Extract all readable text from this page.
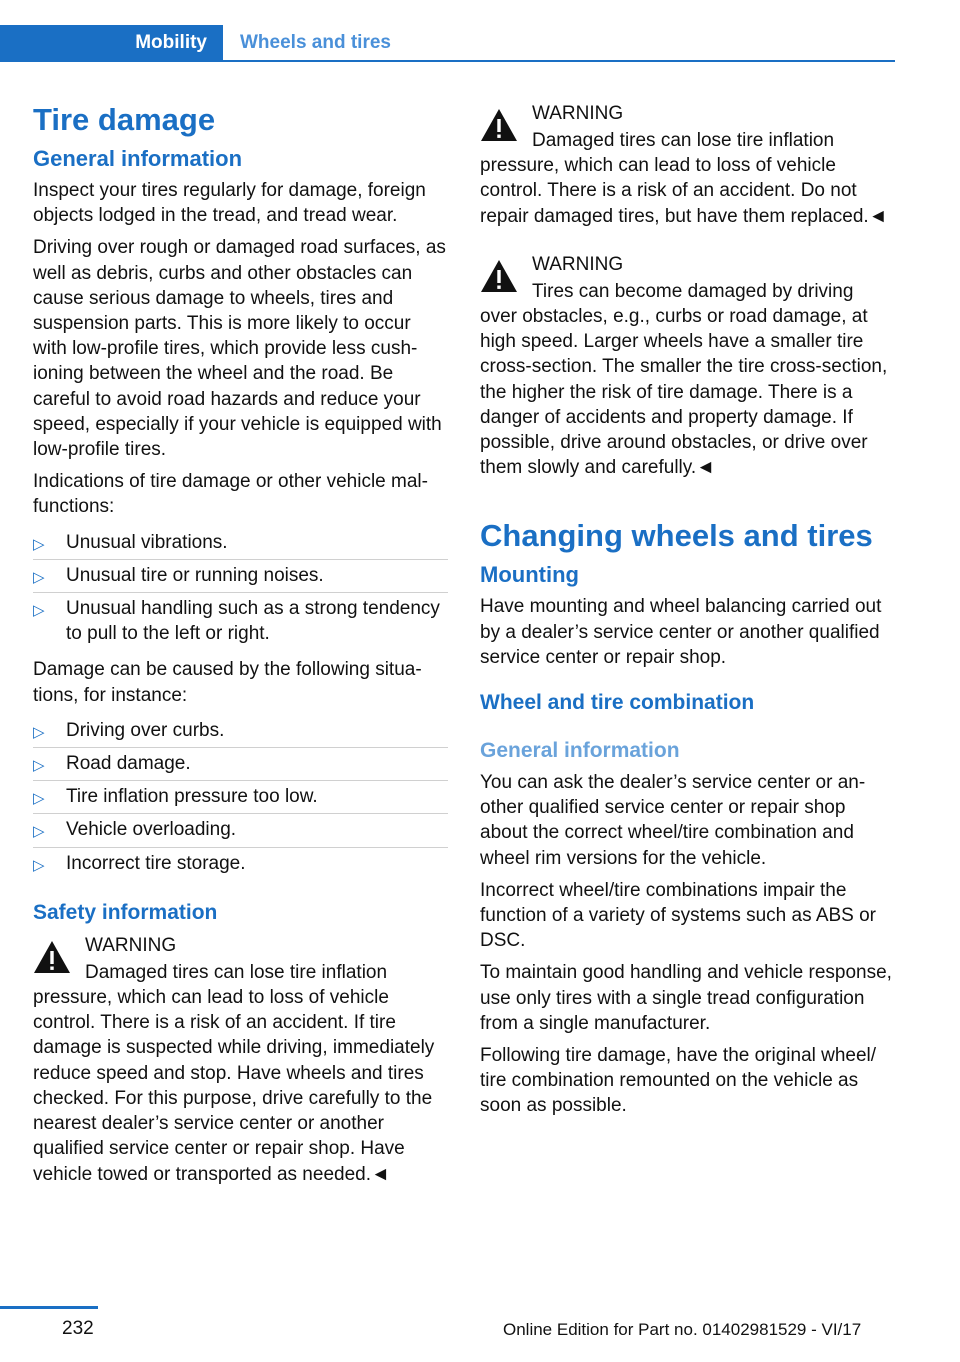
Mobility Wheels and tires
Tire damage
General information

Inspect your tires regularly for damage, foreign objects lodged in the tread, and tread wear.

Driving over rough or damaged road surfaces, as well as debris, curbs and other obstacles can cause serious damage to wheels, tires and suspension parts. This is more likely to occur with low-profile tires, which provide less cushioning between the wheel and the road. Be careful to avoid road hazards and reduce your speed, especially if your vehicle is equipped with low-profile tires.

Indications of tire damage or other vehicle malfunctions:

▷ Unusual vibrations.
▷ Unusual tire or running noises.
▷ Unusual handling such as a strong tendency to pull to the left or right.

Damage can be caused by the following situations, for instance:

▷ Driving over curbs.
▷ Road damage.
▷ Tire inflation pressure too low.
▷ Vehicle overloading.
▷ Incorrect tire storage.
Safety information
WARNING

Damaged tires can lose tire inflation pressure, which can lead to loss of vehicle control. There is a risk of an accident. If tire damage is suspected while driving, immediately reduce speed and stop. Have wheels and tires checked. For this purpose, drive carefully to the nearest dealer’s service center or another qualified service center or repair shop. Have vehicle towed or transported as needed.◄

WARNING

Damaged tires can lose tire inflation pressure, which can lead to loss of vehicle control. There is a risk of an accident. Do not repair damaged tires, but have them replaced.◄

WARNING

Tires can become damaged by driving over obstacles, e.g., curbs or road damage, at high speed. Larger wheels have a smaller tire cross-section. The smaller the tire cross-section, the higher the risk of tire damage. There is a danger of accidents and property damage. If possible, drive around obstacles, or drive over them slowly and carefully.◄

Changing wheels and tires
Mounting

Have mounting and wheel balancing carried out by a dealer’s service center or another qualified service center or repair shop.

Wheel and tire combination
General information

You can ask the dealer’s service center or another qualified service center or repair shop about the correct wheel/tire combination and wheel rim versions for the vehicle.

Incorrect wheel/tire combinations impair the function of a variety of systems such as ABS or DSC.

To maintain good handling and vehicle response, use only tires with a single tread configuration from a single manufacturer.

Following tire damage, have the original wheel/ tire combination remounted on the vehicle as soon as possible.

232	Online Edition for Part no. 01402981529 - VI/17
